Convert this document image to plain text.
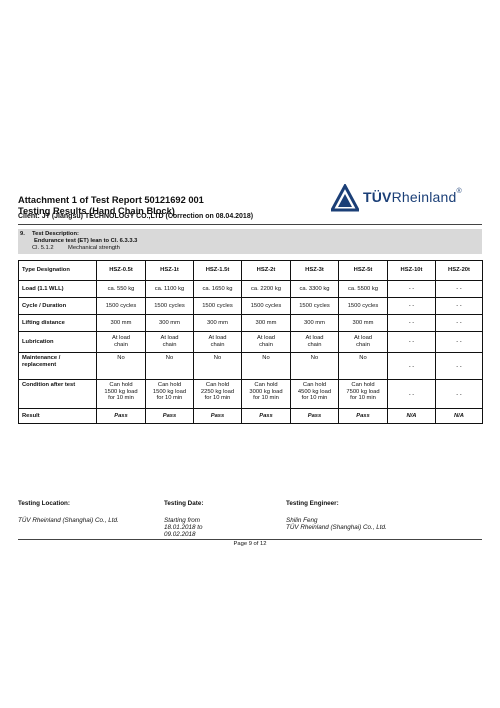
Attachment 1 of Test Report 50121692 001
Testing Results (Hand Chain Block)
Client: JT (Jiangsu) TECHNOLOGY CO.,LTD (Correction on 08.04.2018)
TÜVRheinland®
9. Test Description:
Endurance test (ET) lean to Cl. 6.3.3.3
Cl. 5.1.2 Mechanical strength
Type Designation	HSZ-0.5t	HSZ-1t	HSZ-1.5t	HSZ-2t	HSZ-3t	HSZ-5t	HSZ-10t	HSZ-20t
Load (1.1 WLL)	ca. 550 kg	ca. 1100 kg	ca. 1650 kg	ca. 2200 kg	ca. 3300 kg	ca. 5500 kg	- -	- -
Cycle / Duration	1500 cycles	1500 cycles	1500 cycles	1500 cycles	1500 cycles	1500 cycles	- -	- -
Lifting distance	300 mm	300 mm	300 mm	300 mm	300 mm	300 mm	- -	- -
Lubrication	At load
chain	At load
chain	At load
chain	At load
chain	At load
chain	At load
chain	- -	- -
Maintenance /
replacement	No	No	No	No	No	No	- -	- -
Condition after test	Can hold
1500 kg load
for 10 min	Can hold
1500 kg load
for 10 min	Can hold
2250 kg load
for 10 min	Can hold
3000 kg load
for 10 min	Can hold
4500 kg load
for 10 min	Can hold
7500 kg load
for 10 min	- -	- -
Result	Pass	Pass	Pass	Pass	Pass	Pass	N/A	N/A
Testing Location:
TÜV Rheinland (Shanghai) Co., Ltd.
Testing Date:
Starting from
18.01.2018 to
09.02.2018
Testing Engineer:
Shilin Feng
TÜV Rheinland (Shanghai) Co., Ltd.
Page 9 of 12
